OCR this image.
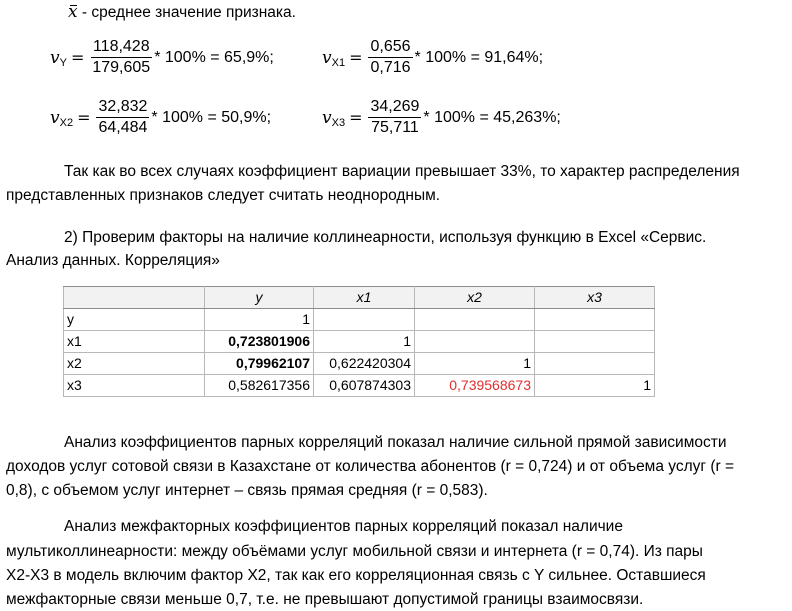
x - среднее значение признака.
v $Y = \frac{118,428}{179,605} * 100\% = 65,9\%$;	v $X1 = \frac{0,656}{0,716} * 100\% = 91,64\%$;
v $X2 = \frac{32,832}{64,484} * 100\% = 50,9\%$;	v $X3 = \frac{34,269}{75,711} * 100\% = 45,263\%$;
Так как во всех случаях коэффициент вариации превышает 33%, то характер распределения
представленных признаков следует считать неоднородным.
2) Проверим факторы на наличие коллинеарности, используя функцию в Excel «Сервис.
Анализ данных. Корреляция»
	y	x1	x2	x3
y	1			
x1	0,723801906	1		
x2	0,79962107	0,622420304	1	
x3	0,582617356	0,607874303	0,739568673	1
Анализ коэффициентов парных корреляций показал наличие сильной прямой зависимости
доходов услуг сотовой связи в Казахстане от количества абонентов (r = 0,724) и от объема услуг (r =
0,8), с объемом услуг интернет – связь прямая средняя (r = 0,583).
Анализ межфакторных коэффициентов парных корреляций показал наличие
мультиколлинеарности: между объёмами услуг мобильной связи и интернета (r = 0,74). Из пары
X2-X3 в модель включим фактор X2, так как его корреляционная связь с Y сильнее. Оставшиеся
межфакторные связи меньше 0,7, т.е. не превышают допустимой границы взаимосвязи.
